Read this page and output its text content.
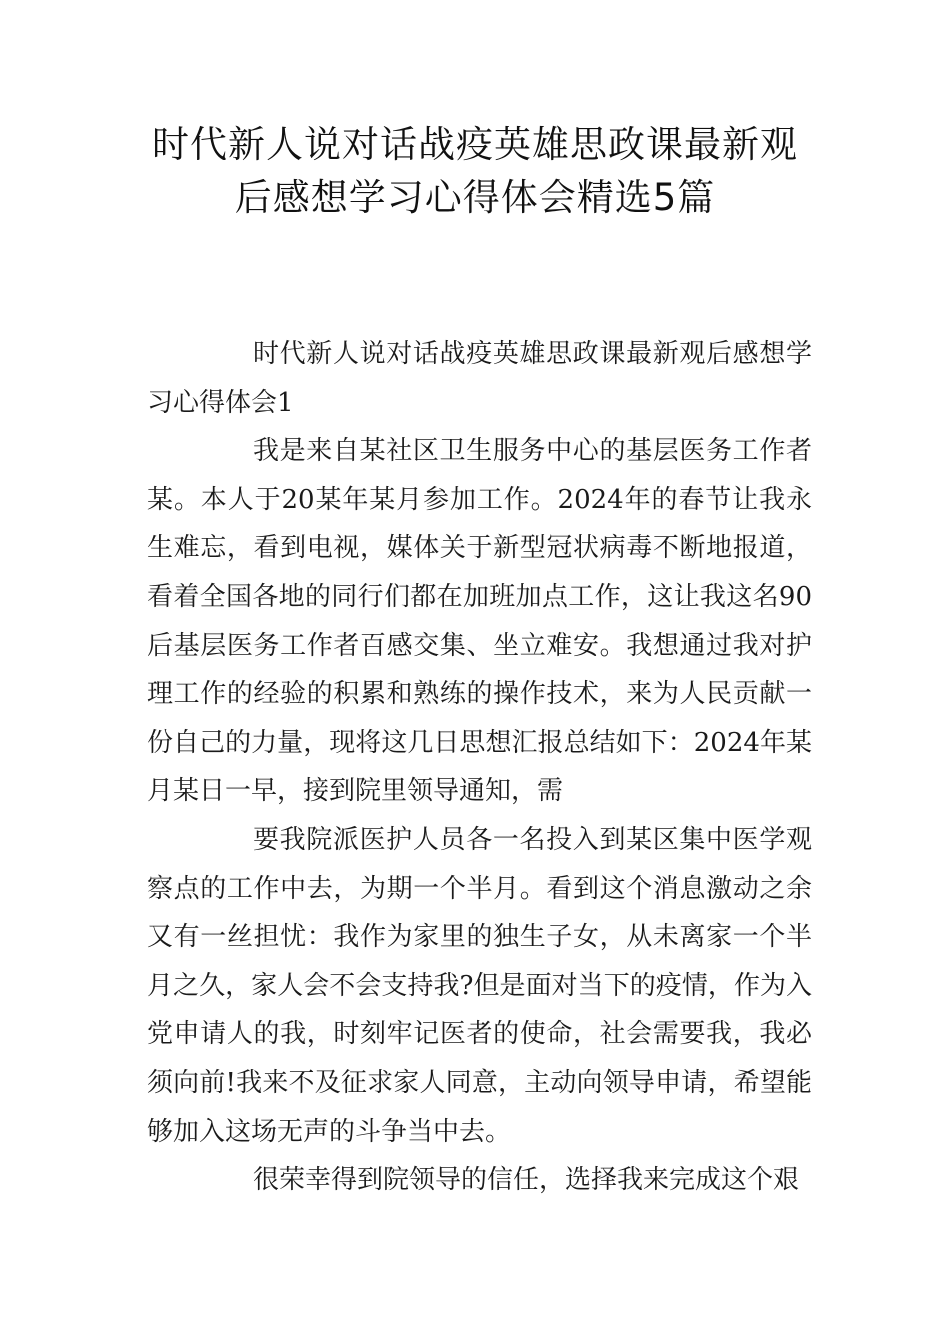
时代新人说对话战疫英雄思政课最新观
后感想学习心得体会精选5篇

时代新人说对话战疫英雄思政课最新观后感想学习心得体会1

我是来自某社区卫生服务中心的基层医务工作者某。本人于20某年某月参加工作。2024年的春节让我永生难忘，看到电视，媒体关于新型冠状病毒不断地报道，看着全国各地的同行们都在加班加点工作，这让我这名90后基层医务工作者百感交集、坐立难安。我想通过我对护理工作的经验的积累和熟练的操作技术，来为人民贡献一份自己的力量，现将这几日思想汇报总结如下：2024年某月某日一早，接到院里领导通知，需

要我院派医护人员各一名投入到某区集中医学观察点的工作中去，为期一个半月。看到这个消息激动之余又有一丝担忧：我作为家里的独生子女，从未离家一个半月之久，家人会不会支持我?但是面对当下的疫情，作为入党申请人的我，时刻牢记医者的使命，社会需要我，我必须向前!我来不及征求家人同意，主动向领导申请，希望能够加入这场无声的斗争当中去。

很荣幸得到院领导的信任，选择我来完成这个艰
